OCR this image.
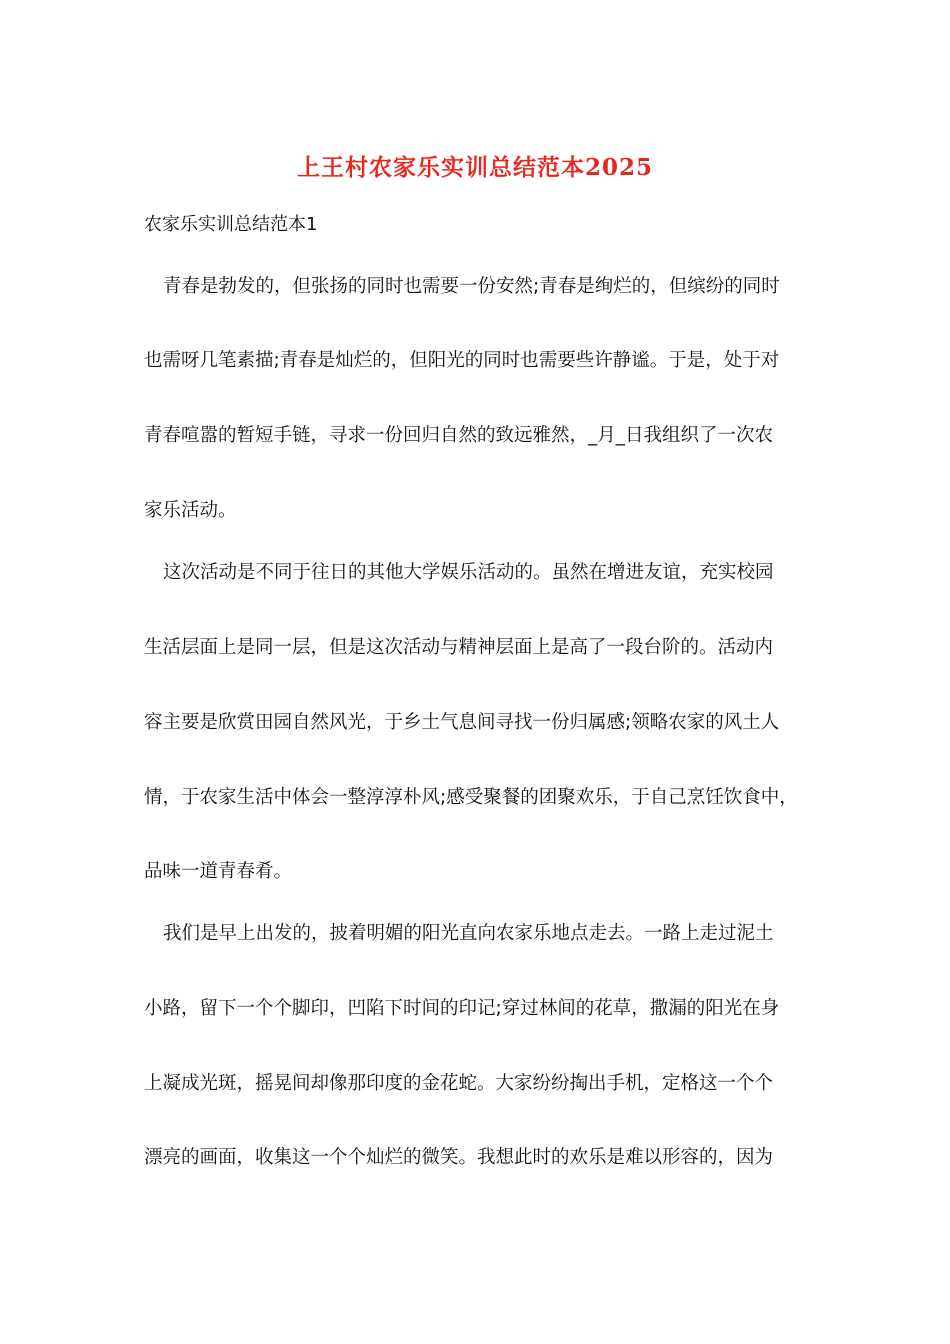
上王村农家乐实训总结范本2025
农家乐实训总结范本1
青春是勃发的，但张扬的同时也需要一份安然;青春是绚烂的，但缤纷的同时
也需呀几笔素描;青春是灿烂的，但阳光的同时也需要些许静谧。于是，处于对
青春喧嚣的暂短手链，寻求一份回归自然的致远雅然，_月_日我组织了一次农
家乐活动。
这次活动是不同于往日的其他大学娱乐活动的。虽然在增进友谊，充实校园
生活层面上是同一层，但是这次活动与精神层面上是高了一段台阶的。活动内
容主要是欣赏田园自然风光，于乡土气息间寻找一份归属感;领略农家的风土人
情，于农家生活中体会一整淳淳朴风;感受聚餐的团聚欢乐，于自己烹饪饮食中，
品味一道青春肴。
我们是早上出发的，披着明媚的阳光直向农家乐地点走去。一路上走过泥土
小路，留下一个个脚印，凹陷下时间的印记;穿过林间的花草，撒漏的阳光在身
上凝成光斑，摇晃间却像那印度的金花蛇。大家纷纷掏出手机，定格这一个个
漂亮的画面，收集这一个个灿烂的微笑。我想此时的欢乐是难以形容的，因为
